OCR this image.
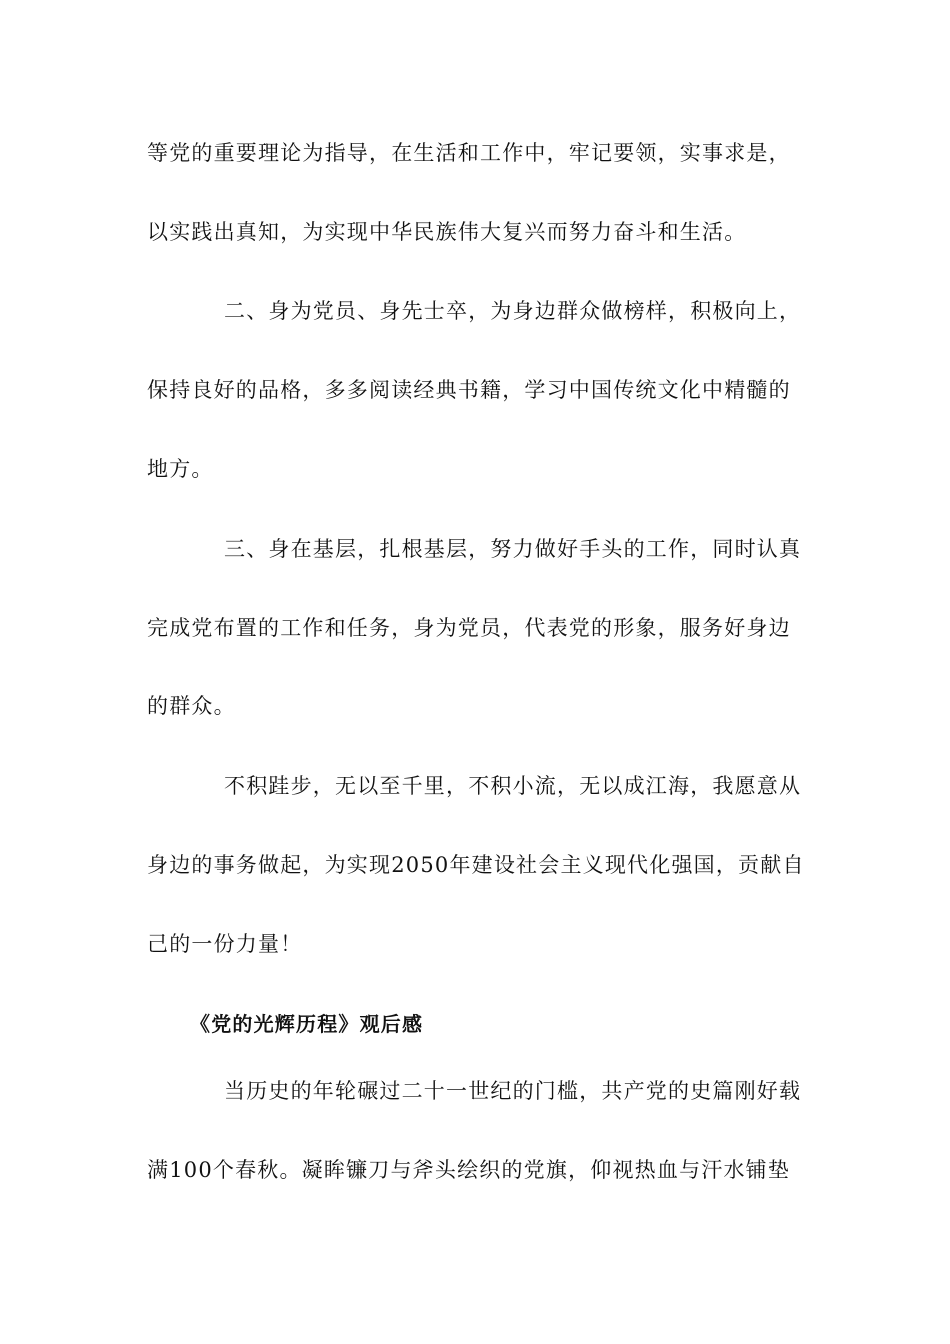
等党的重要理论为指导，在生活和工作中，牢记要领，实事求是，
以实践出真知，为实现中华民族伟大复兴而努力奋斗和生活。
二、身为党员、身先士卒，为身边群众做榜样，积极向上，
保持良好的品格，多多阅读经典书籍，学习中国传统文化中精髓的
地方。
三、身在基层，扎根基层，努力做好手头的工作，同时认真
完成党布置的工作和任务，身为党员，代表党的形象，服务好身边
的群众。
不积跬步，无以至千里，不积小流，无以成江海，我愿意从
身边的事务做起，为实现2050年建设社会主义现代化强国，贡献自
己的一份力量！
《党的光辉历程》观后感
当历史的年轮碾过二十一世纪的门槛，共产党的史篇刚好载
满100个春秋。凝眸镰刀与斧头绘织的党旗，仰视热血与汗水铺垫
